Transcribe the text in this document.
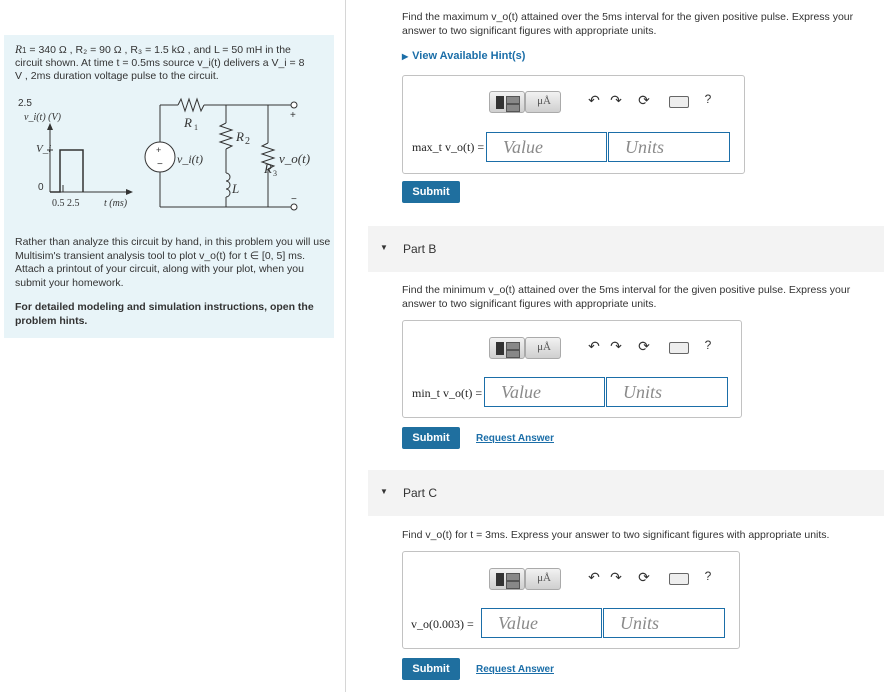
R1 = 340 Ω , R₂ = 90 Ω , R₃ = 1.5 kΩ , and L = 50 mH in the
circuit shown. At time t = 0.5ms source v_i(t) delivers a V_i = 8
V , 2ms duration voltage pulse to the circuit.
2.5
v_i(t) (V)
V_i
0
0.5 2.5 t (ms)
+
− v_i(t)
R 1
R 2
L
R 3
v_o(t)
+
−
Rather than analyze this circuit by hand, in this problem you will use Multisim's transient analysis tool to plot v_o(t) for t ∈ [0, 5] ms. Attach a printout of your circuit, along with your plot, when you submit your homework.
For detailed modeling and simulation instructions, open the problem hints.
Find the maximum v_o(t) attained over the 5ms interval for the given positive pulse. Express your
answer to two significant figures with appropriate units.
▶ View Available Hint(s)
μÅ	↶ ↷ ⟳	?
max_t v_o(t) =	Value	Units
Submit
▼ Part B
Find the minimum v_o(t) attained over the 5ms interval for the given positive pulse. Express your
answer to two significant figures with appropriate units.
μÅ	↶ ↷ ⟳	?
min_t v_o(t) =	Value	Units
Submit	Request Answer
▼ Part C
Find v_o(t) for t = 3ms. Express your answer to two significant figures with appropriate units.
μÅ	↶ ↷ ⟳	?
v_o(0.003) =	Value	Units
Submit	Request Answer
